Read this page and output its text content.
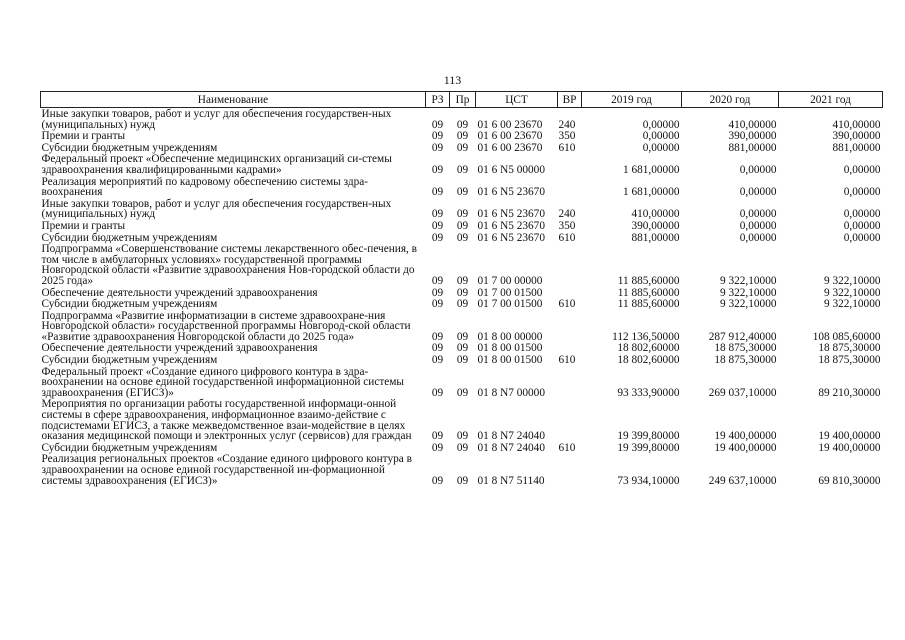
113
Наименование	РЗ	Пр	ЦСТ	ВР	2019 год	2020 год	2021 год
Иные закупки товаров, работ и услуг для обеспечения государствен-ных (муниципальных) нужд	09	09	01 6 00 23670	240	0,00000	410,00000	410,00000
Премии и гранты	09	09	01 6 00 23670	350	0,00000	390,00000	390,00000
Субсидии бюджетным учреждениям	09	09	01 6 00 23670	610	0,00000	881,00000	881,00000
Федеральный проект «Обеспечение медицинских организаций си-стемы здравоохранения квалифицированными кадрами»	09	09	01 6 N5 00000		1 681,00000	0,00000	0,00000
Реализация мероприятий по кадровому обеспечению системы здра-воохранения	09	09	01 6 N5 23670		1 681,00000	0,00000	0,00000
Иные закупки товаров, работ и услуг для обеспечения государствен-ных (муниципальных) нужд	09	09	01 6 N5 23670	240	410,00000	0,00000	0,00000
Премии и гранты	09	09	01 6 N5 23670	350	390,00000	0,00000	0,00000
Субсидии бюджетным учреждениям	09	09	01 6 N5 23670	610	881,00000	0,00000	0,00000
Подпрограмма «Совершенствование системы лекарственного обес-печения, в том числе в амбулаторных условиях» государственной программы Новгородской области «Развитие здравоохранения Нов-городской области до 2025 года»	09	09	01 7 00 00000		11 885,60000	9 322,10000	9 322,10000
Обеспечение деятельности учреждений здравоохранения	09	09	01 7 00 01500		11 885,60000	9 322,10000	9 322,10000
Субсидии бюджетным учреждениям	09	09	01 7 00 01500	610	11 885,60000	9 322,10000	9 322,10000
Подпрограмма «Развитие информатизации в системе здравоохране-ния Новгородской области» государственной программы Новгород-ской области «Развитие здравоохранения Новгородской области до 2025 года»	09	09	01 8 00 00000		112 136,50000	287 912,40000	108 085,60000
Обеспечение деятельности учреждений здравоохранения	09	09	01 8 00 01500		18 802,60000	18 875,30000	18 875,30000
Субсидии бюджетным учреждениям	09	09	01 8 00 01500	610	18 802,60000	18 875,30000	18 875,30000
Федеральный проект «Создание единого цифрового контура в здра-воохранении на основе единой государственной информационной системы здравоохранения (ЕГИСЗ)»	09	09	01 8 N7 00000		93 333,90000	269 037,10000	89 210,30000
Мероприятия по организации работы государственной информаци-онной системы в сфере здравоохранения, информационное взаимо-действие с подсистемами ЕГИСЗ, а также межведомственное взаи-модействие в целях оказания медицинской помощи и электронных услуг (сервисов) для граждан	09	09	01 8 N7 24040		19 399,80000	19 400,00000	19 400,00000
Субсидии бюджетным учреждениям	09	09	01 8 N7 24040	610	19 399,80000	19 400,00000	19 400,00000
Реализация региональных проектов «Создание единого цифрового контура в здравоохранении на основе единой государственной ин-формационной системы здравоохранения (ЕГИСЗ)»	09	09	01 8 N7 51140		73 934,10000	249 637,10000	69 810,30000
